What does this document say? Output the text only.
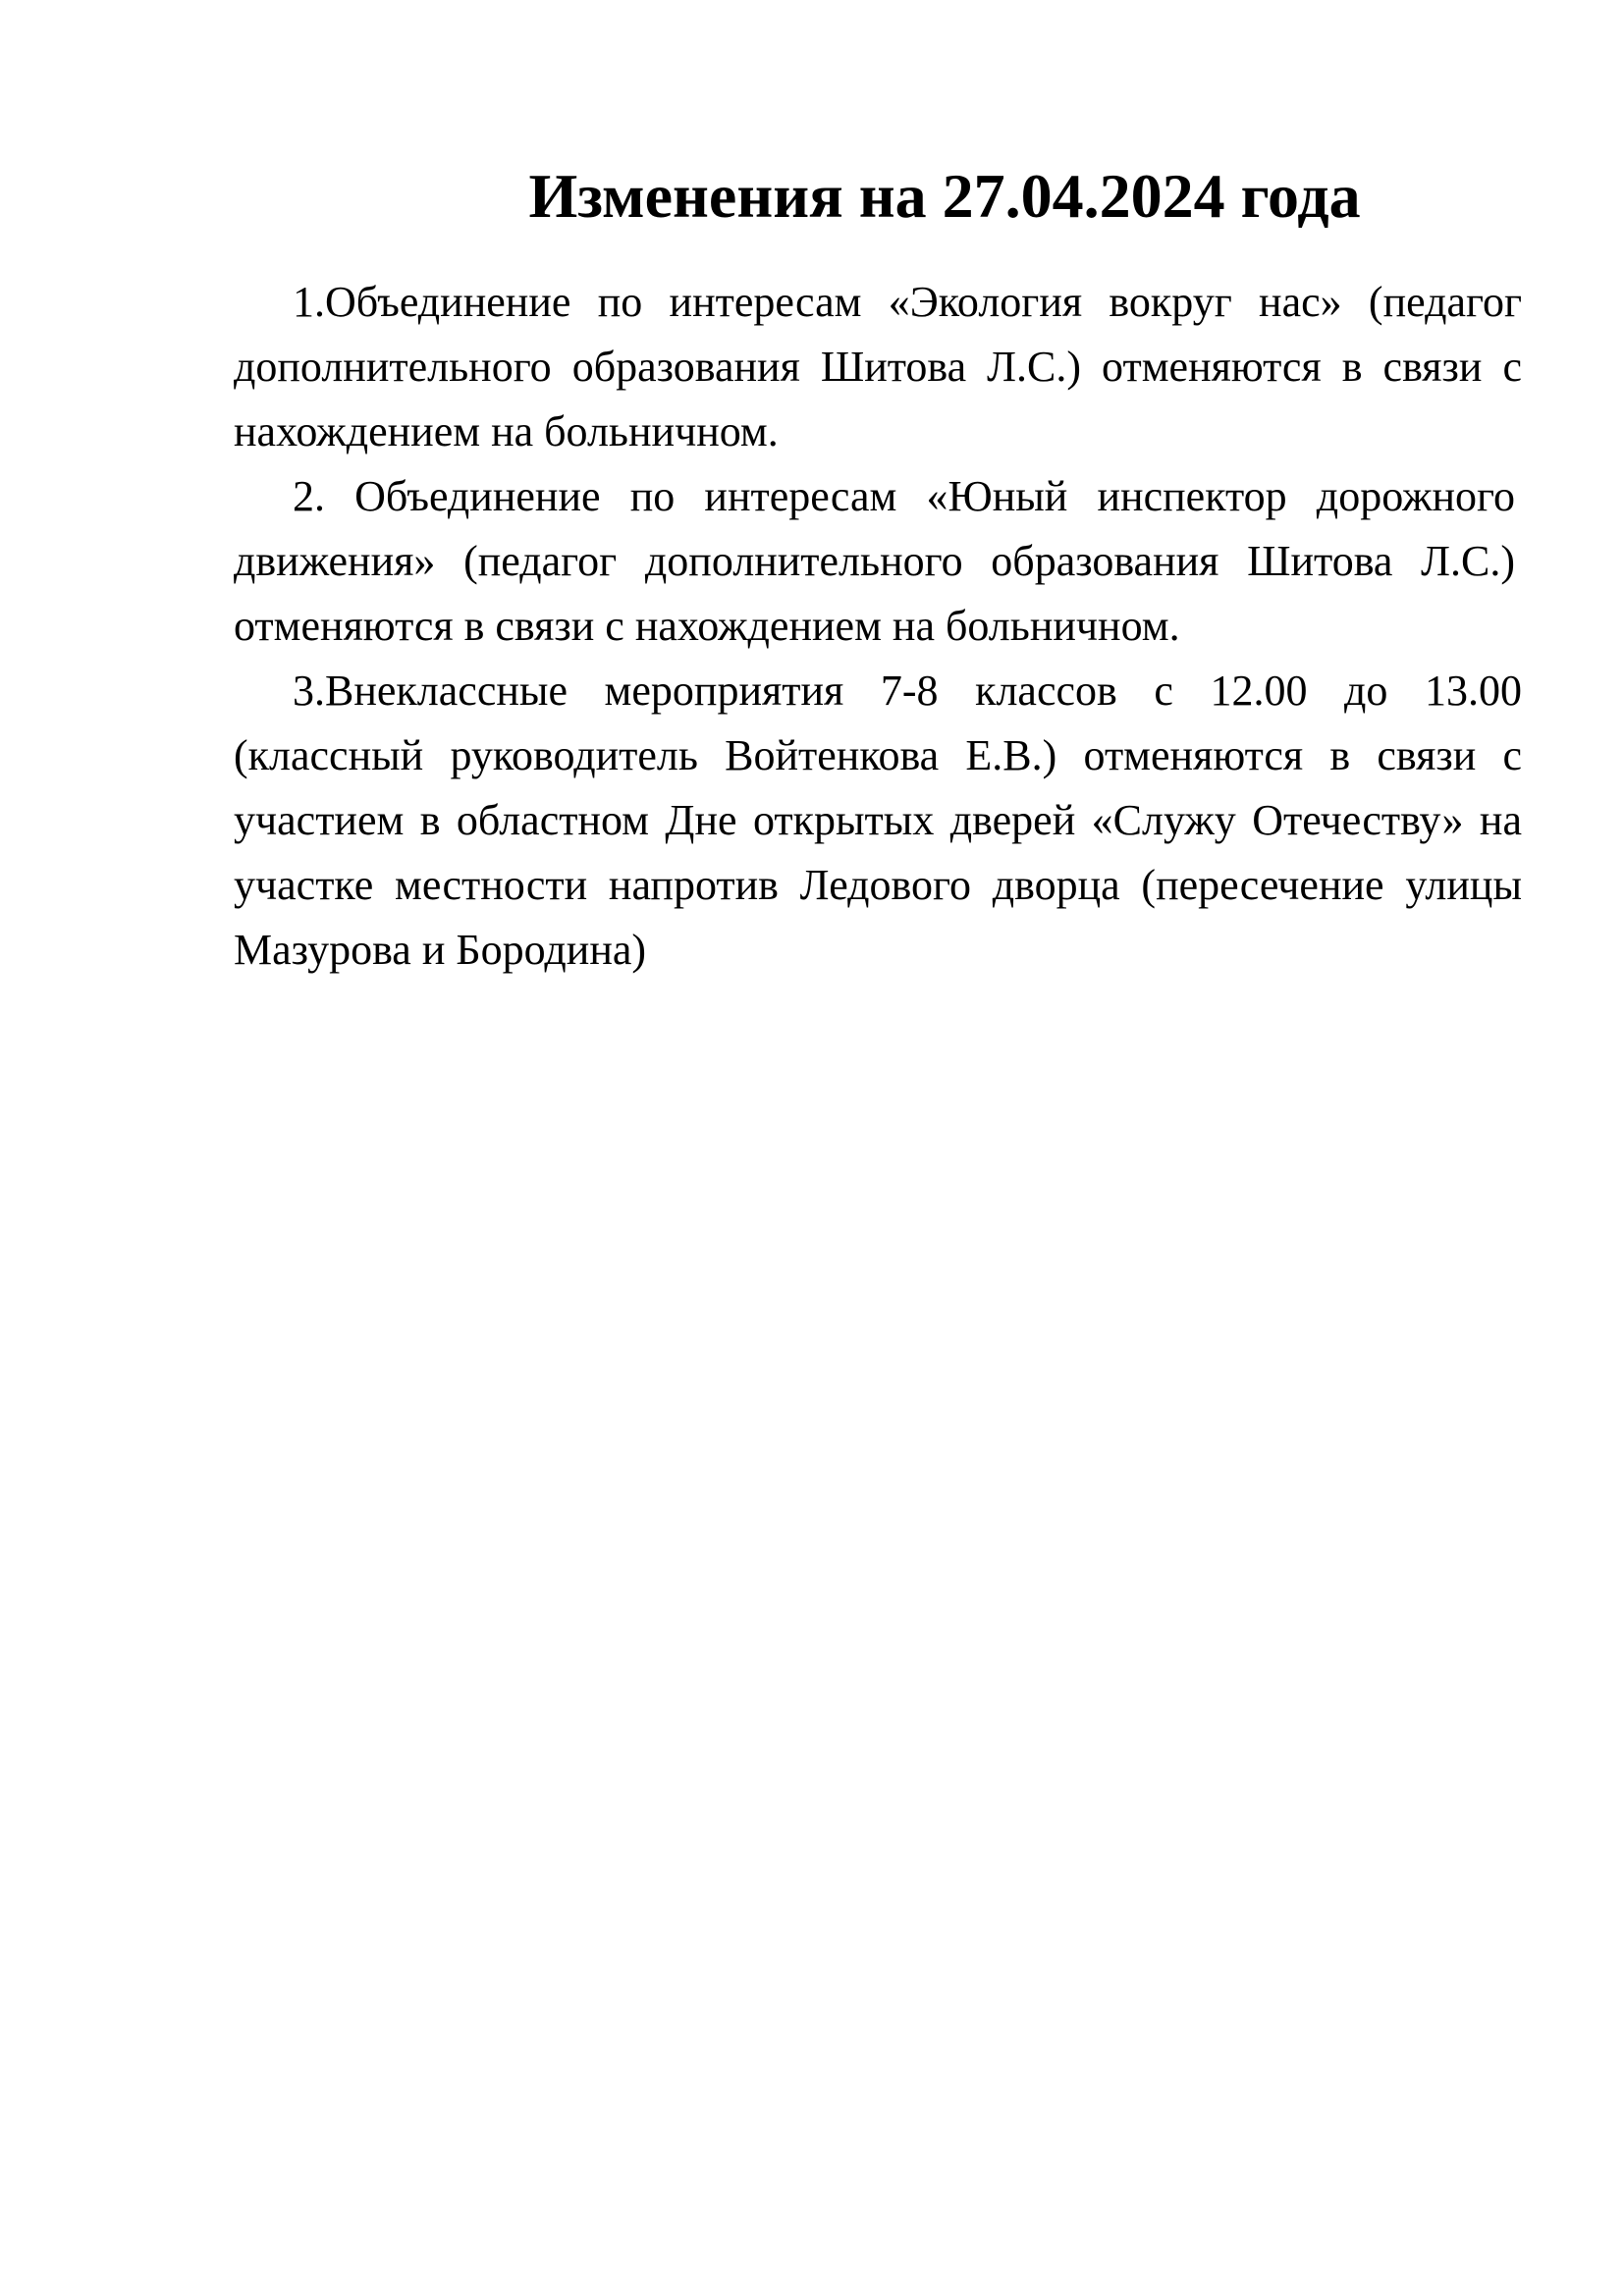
Изменения на 27.04.2024 года

1.Объединение по интересам «Экология вокруг нас» (педагог дополнительного образования Шитова Л.С.) отменяются в связи с нахождением на больничном.

2. Объединение по интересам «Юный инспектор дорожного движения» (педагог дополнительного образования Шитова Л.С.) отменяются в связи с нахождением на больничном.

3.Внеклассные мероприятия 7-8 классов с 12.00 до 13.00 (классный руководитель Войтенкова Е.В.) отменяются в связи с участием в областном Дне открытых дверей «Служу Отечеству» на участке местности напротив Ледового дворца (пересечение улицы Мазурова и Бородина)
